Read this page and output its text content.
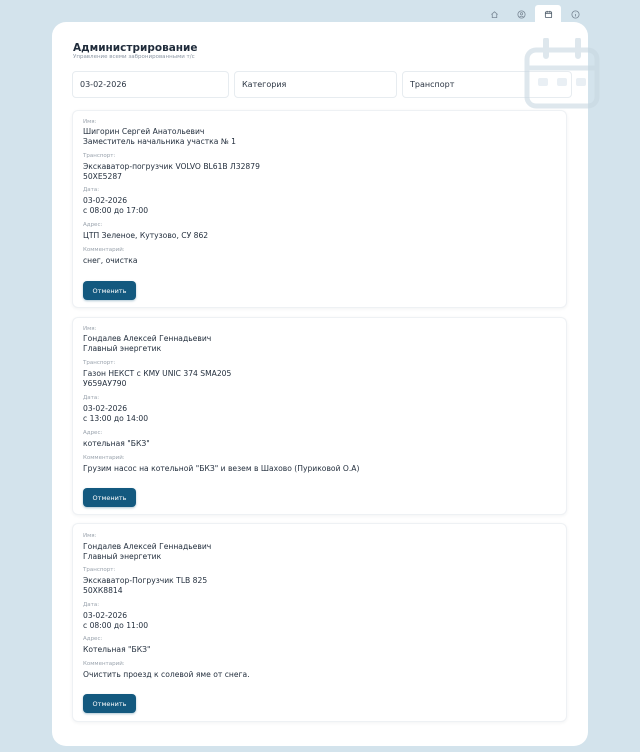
Администрирование
Управление всеми забронированными т/с
03-02-2026	Категория	Транспорт
Имя:
Шигорин Сергей Анатольевич
Заместитель начальника участка № 1
Транспорт:
Экскаватор-погрузчик VOLVO BL61B Л32879
50ХЕ5287
Дата:
03-02-2026
с 08:00 до 17:00
Адрес:
ЦТП Зеленое, Кутузово, СУ 862
Комментарий:
снег, очистка
Отменить
Имя:
Гондалев Алексей Геннадьевич
Главный энергетик
Транспорт:
Газон НЕКСТ с КМУ UNIC 374 SMA205
У659АУ790
Дата:
03-02-2026
с 13:00 до 14:00
Адрес:
котельная "БКЗ"
Комментарий:
Грузим насос на котельной "БКЗ" и везем в Шахово (Пуриковой О.А)
Отменить
Имя:
Гондалев Алексей Геннадьевич
Главный энергетик
Транспорт:
Экскаватор-Погрузчик TLB 825
50ХК8814
Дата:
03-02-2026
с 08:00 до 11:00
Адрес:
Котельная "БКЗ"
Комментарий:
Очистить проезд к солевой яме от снега.
Отменить
